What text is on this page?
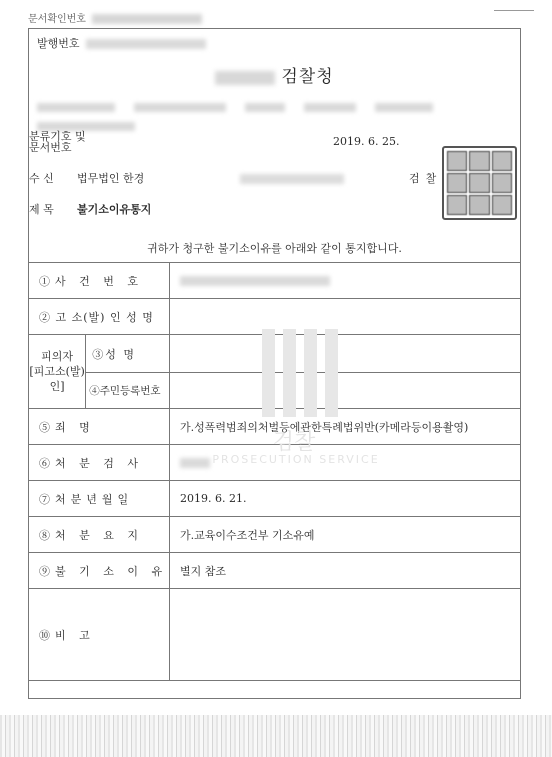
문서확인번호
발행번호
검찰청

분류기호 및
문서번호	2019. 6. 25.
수 신 법무법인 한경	검찰
제 목 불기소이유통지
귀하가 청구한 불기소이유를 아래와 같이 통지합니다.
①사 건 번 호		
② 고 소(발) 인 성 명		

피의자
[피고소(발)인]	③성 명	
	④주민등록번호	
⑤죄 명		가.성폭력범죄의처벌등에관한특례법위반(카메라등이용촬영)
⑥처 분 검 사		
⑦처분년월일		2019. 6. 21.
⑧처 분 요 지		가.교육이수조건부 기소유예
⑨불 기 소 이 유		별지 참조
⑩비 고		
검찰
PROSECUTION SERVICE
